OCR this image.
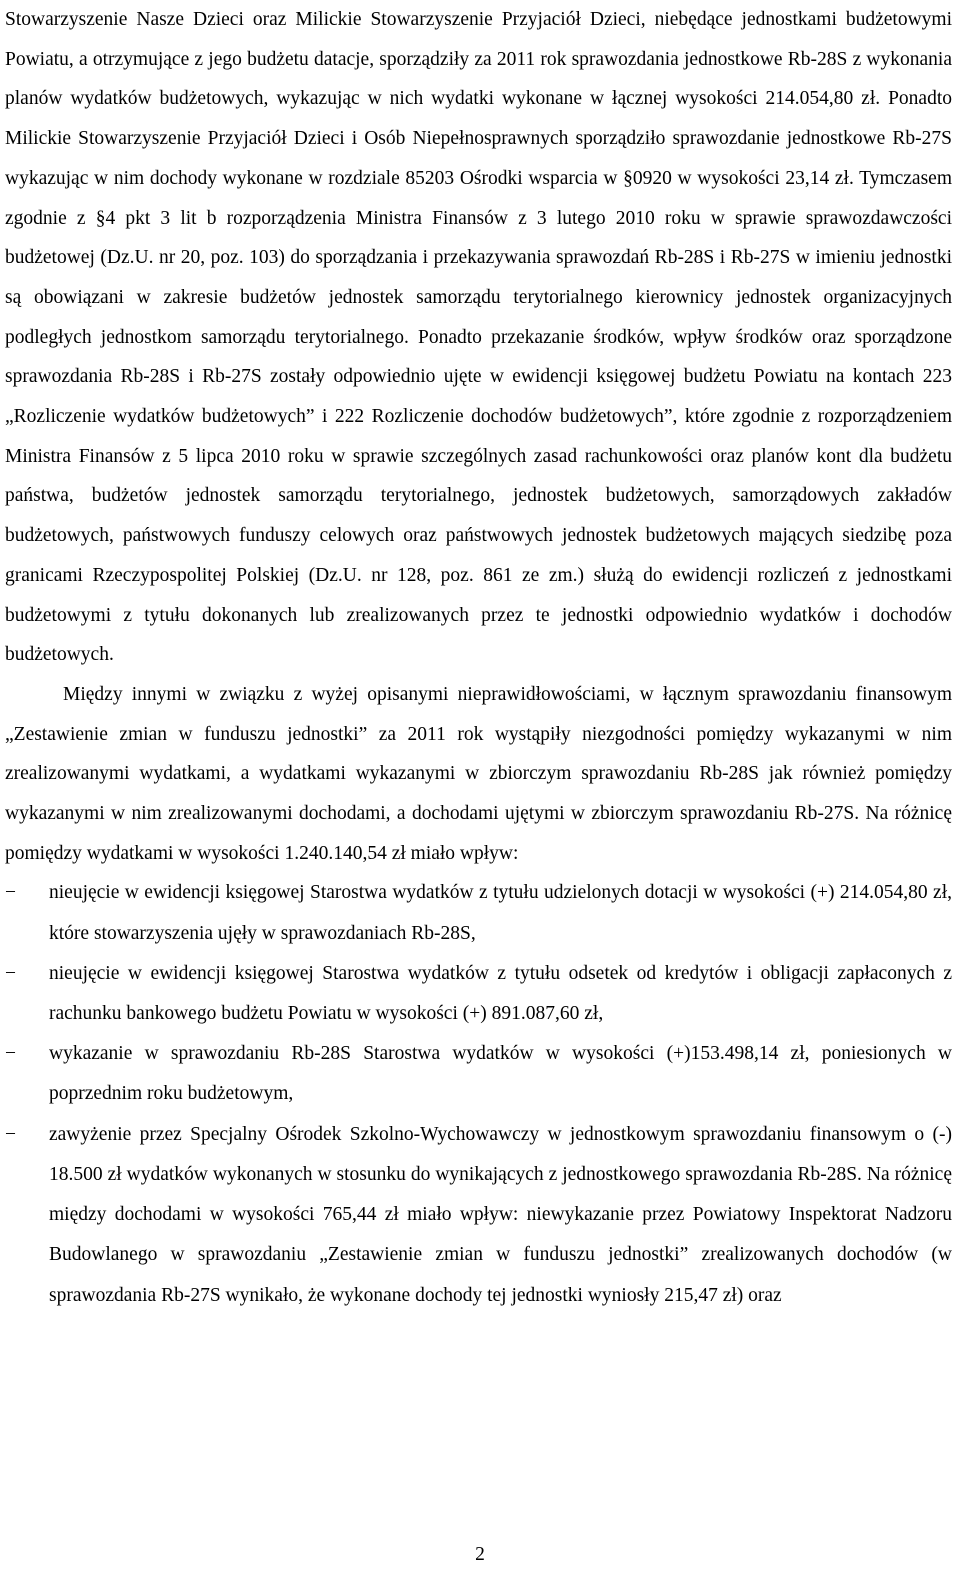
Stowarzyszenie Nasze Dzieci oraz Milickie Stowarzyszenie Przyjaciół Dzieci, niebędące jednostkami budżetowymi Powiatu, a otrzymujące z jego budżetu datacje, sporządziły za 2011 rok sprawozdania jednostkowe Rb-28S z wykonania planów wydatków budżetowych, wykazując w nich wydatki wykonane w łącznej wysokości 214.054,80 zł. Ponadto Milickie Stowarzyszenie Przyjaciół Dzieci i Osób Niepełnosprawnych sporządziło sprawozdanie jednostkowe Rb-27S wykazując w nim dochody wykonane w rozdziale 85203 Ośrodki wsparcia w §0920 w wysokości 23,14 zł. Tymczasem zgodnie z §4 pkt 3 lit b rozporządzenia Ministra Finansów z 3 lutego 2010 roku w sprawie sprawozdawczości budżetowej (Dz.U. nr 20, poz. 103) do sporządzania i przekazywania sprawozdań Rb-28S i Rb-27S w imieniu jednostki są obowiązani w zakresie budżetów jednostek samorządu terytorialnego kierownicy jednostek organizacyjnych podległych jednostkom samorządu terytorialnego. Ponadto przekazanie środków, wpływ środków oraz sporządzone sprawozdania Rb-28S i Rb-27S zostały odpowiednio ujęte w ewidencji księgowej budżetu Powiatu na kontach 223 „Rozliczenie wydatków budżetowych” i 222 Rozliczenie dochodów budżetowych”, które zgodnie z rozporządzeniem Ministra Finansów z 5 lipca 2010 roku w sprawie szczególnych zasad rachunkowości oraz planów kont dla budżetu państwa, budżetów jednostek samorządu terytorialnego, jednostek budżetowych, samorządowych zakładów budżetowych, państwowych funduszy celowych oraz państwowych jednostek budżetowych mających siedzibę poza granicami Rzeczypospolitej Polskiej (Dz.U. nr 128, poz. 861 ze zm.) służą do ewidencji rozliczeń z jednostkami budżetowymi z tytułu dokonanych lub zrealizowanych przez te jednostki odpowiednio wydatków i dochodów budżetowych.

Między innymi w związku z wyżej opisanymi nieprawidłowościami, w łącznym sprawozdaniu finansowym „Zestawienie zmian w funduszu jednostki” za 2011 rok wystąpiły niezgodności pomiędzy wykazanymi w nim zrealizowanymi wydatkami, a wydatkami wykazanymi w zbiorczym sprawozdaniu Rb-28S jak również pomiędzy wykazanymi w nim zrealizowanymi dochodami, a dochodami ujętymi w zbiorczym sprawozdaniu Rb-27S. Na różnicę pomiędzy wydatkami w wysokości 1.240.140,54 zł miało wpływ:

−	nieujęcie w ewidencji księgowej Starostwa wydatków z tytułu udzielonych dotacji w wysokości (+) 214.054,80 zł, które stowarzyszenia ujęły w sprawozdaniach Rb-28S,
−	nieujęcie w ewidencji księgowej Starostwa wydatków z tytułu odsetek od kredytów i obligacji zapłaconych z rachunku bankowego budżetu Powiatu w wysokości (+) 891.087,60 zł,
−	wykazanie w sprawozdaniu Rb-28S Starostwa wydatków w wysokości (+)153.498,14 zł, poniesionych w poprzednim roku budżetowym,
−	zawyżenie przez Specjalny Ośrodek Szkolno-Wychowawczy w jednostkowym sprawozdaniu finansowym o (-) 18.500 zł wydatków wykonanych w stosunku do wynikających z jednostkowego sprawozdania Rb-28S. Na różnicę między dochodami w wysokości 765,44 zł miało wpływ: niewykazanie przez Powiatowy Inspektorat Nadzoru Budowlanego w sprawozdaniu „Zestawienie zmian w funduszu jednostki” zrealizowanych dochodów (w sprawozdania Rb-27S wynikało, że wykonane dochody tej jednostki wyniosły 215,47 zł) oraz
2
